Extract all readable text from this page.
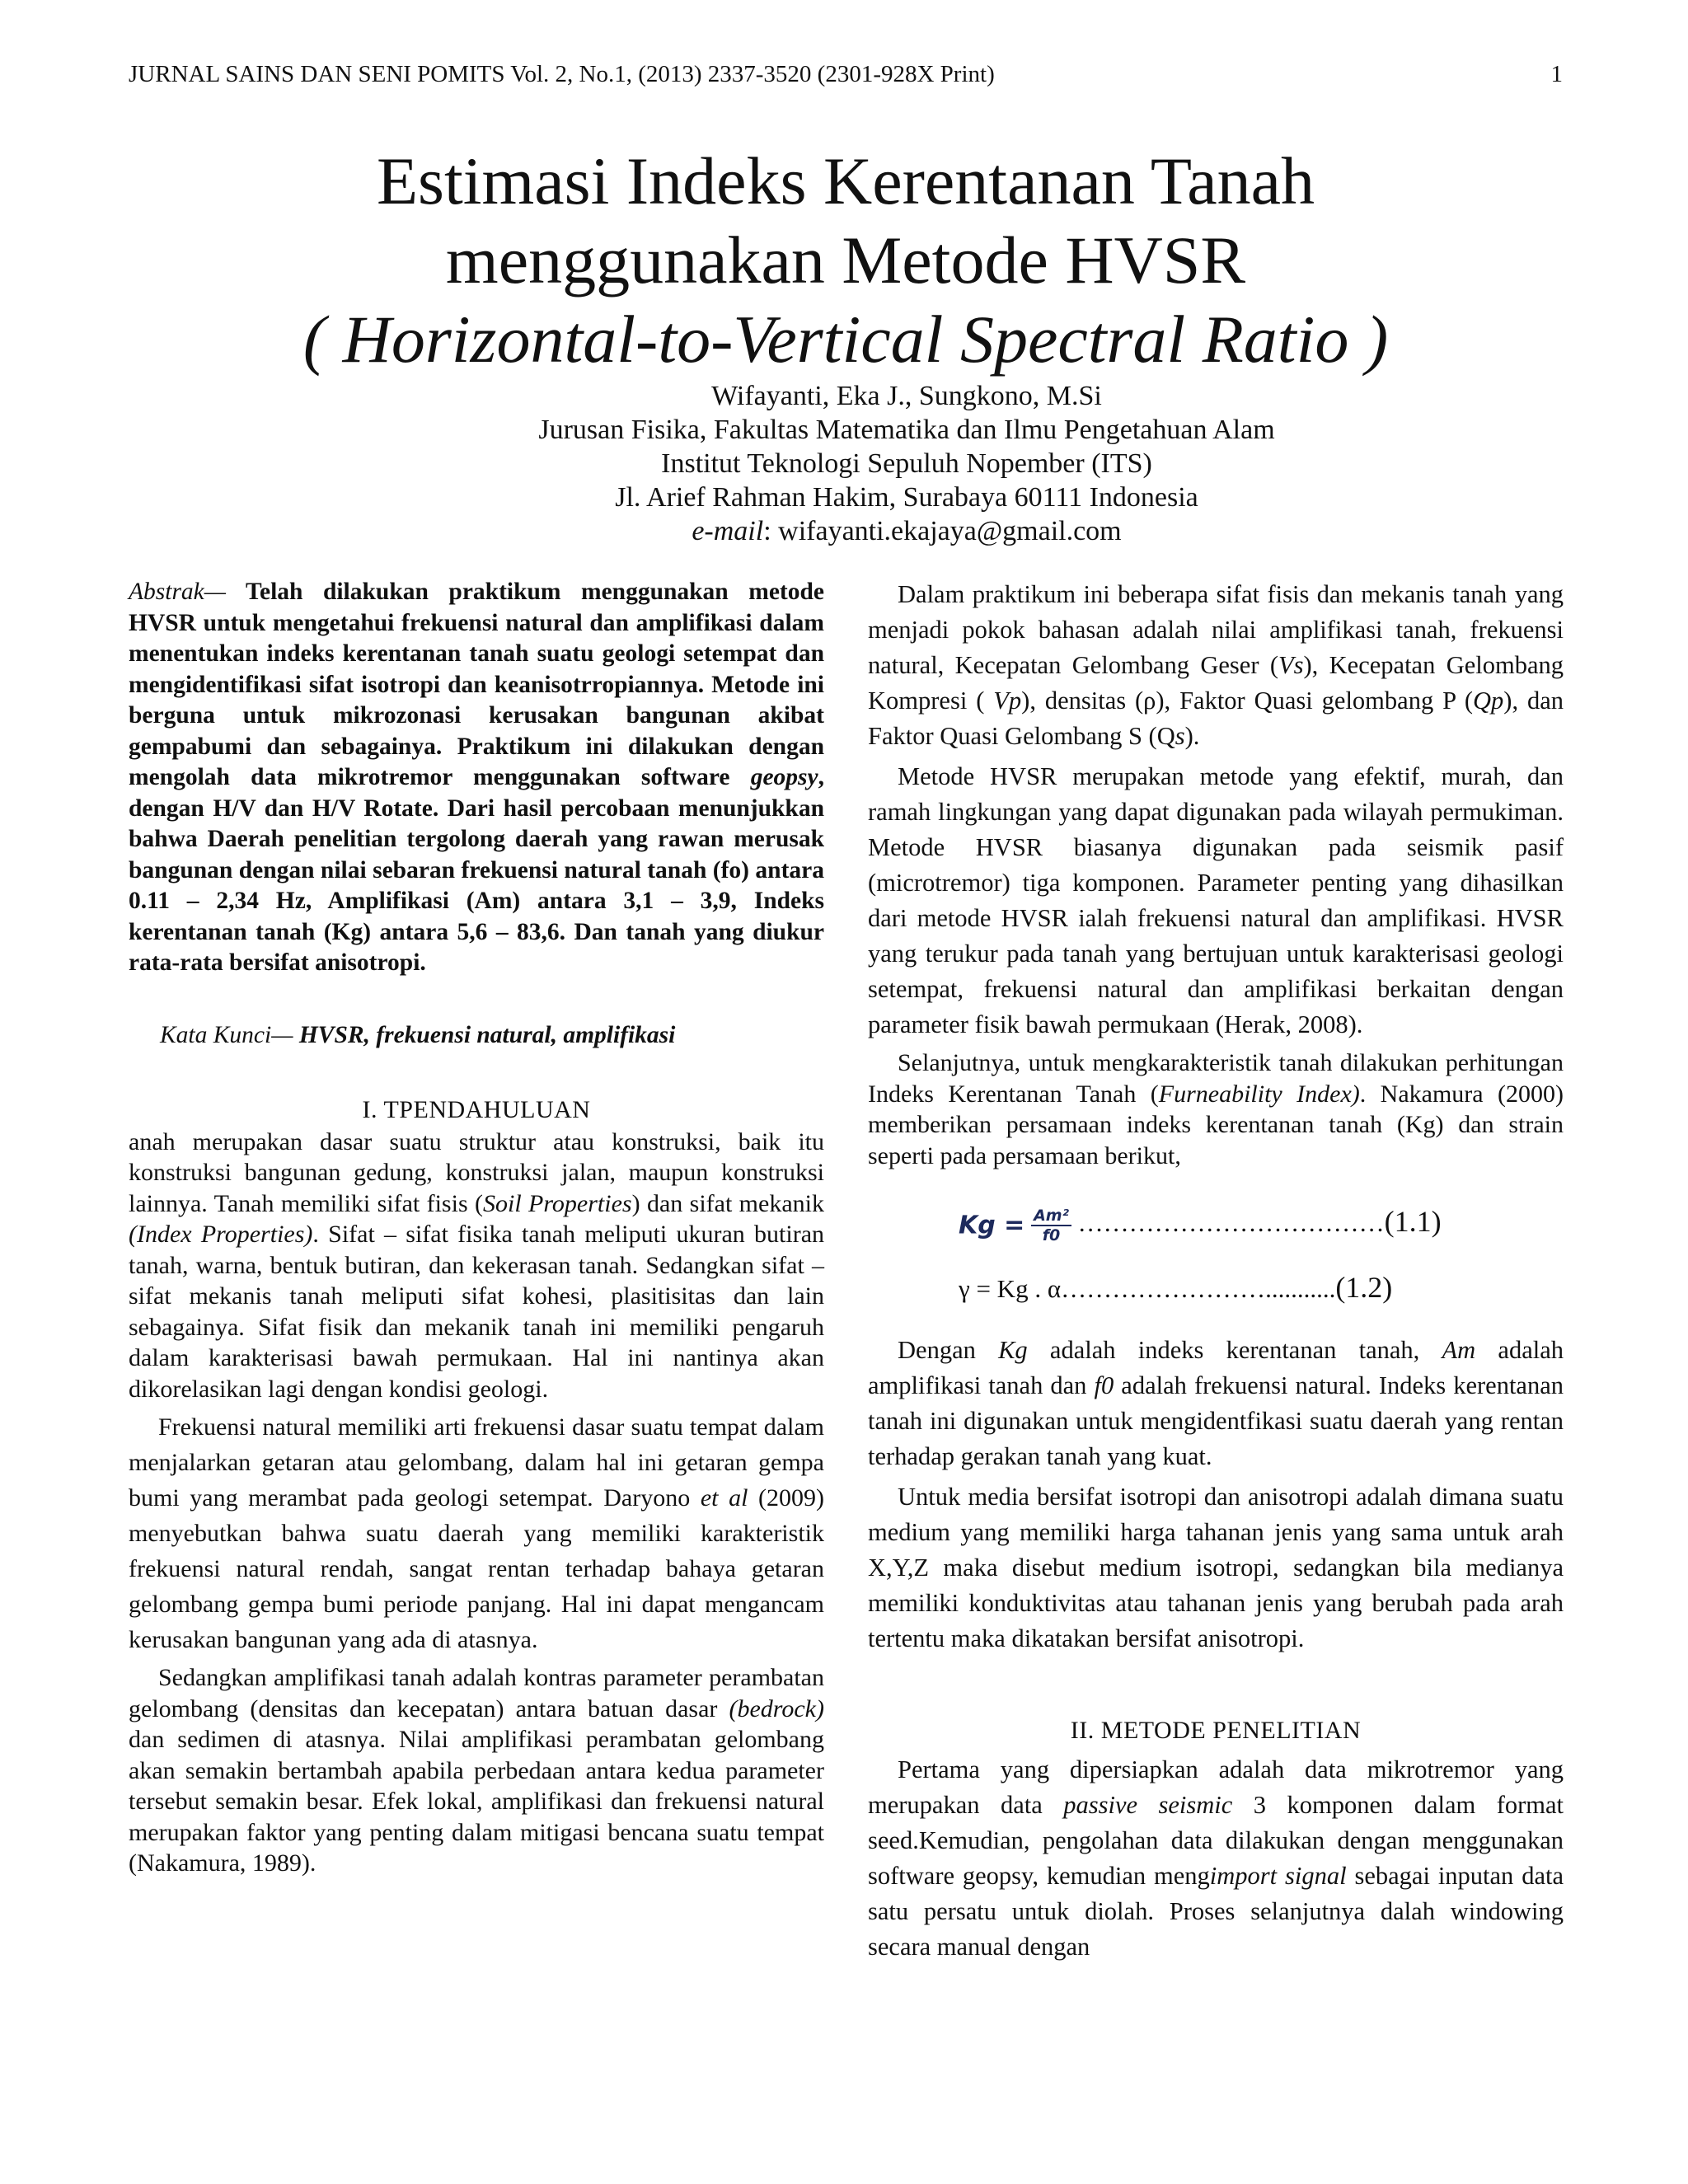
JURNAL SAINS DAN SENI POMITS Vol. 2, No.1, (2013) 2337-3520 (2301-928X Print)	1
Estimasi Indeks Kerentanan Tanah
menggunakan Metode HVSR
( Horizontal-to-Vertical Spectral Ratio )
Wifayanti, Eka J., Sungkono, M.Si
Jurusan Fisika, Fakultas Matematika dan Ilmu Pengetahuan Alam
Institut Teknologi Sepuluh Nopember (ITS)
Jl. Arief Rahman Hakim, Surabaya 60111 Indonesia
e-mail: wifayanti.ekajaya@gmail.com

Abstrak— Telah dilakukan praktikum menggunakan metode HVSR untuk mengetahui frekuensi natural dan amplifikasi dalam menentukan indeks kerentanan tanah suatu geologi setempat dan mengidentifikasi sifat isotropi dan keanisotrropiannya. Metode ini berguna untuk mikrozonasi kerusakan bangunan akibat gempabumi dan sebagainya. Praktikum ini dilakukan dengan mengolah data mikrotremor menggunakan software geopsy, dengan H/V dan H/V Rotate. Dari hasil percobaan menunjukkan bahwa Daerah penelitian tergolong daerah yang rawan merusak bangunan dengan nilai sebaran frekuensi natural tanah (fo) antara 0.11 – 2,34 Hz, Amplifikasi (Am) antara 3,1 – 3,9, Indeks kerentanan tanah (Kg) antara 5,6 – 83,6. Dan tanah yang diukur rata-rata bersifat anisotropi.

Kata Kunci— HVSR, frekuensi natural, amplifikasi

I. TPENDAHULUAN

anah merupakan dasar suatu struktur atau konstruksi, baik itu konstruksi bangunan gedung, konstruksi jalan, maupun konstruksi lainnya. Tanah memiliki sifat fisis (Soil Properties) dan sifat mekanik (Index Properties). Sifat – sifat fisika tanah meliputi ukuran butiran tanah, warna, bentuk butiran, dan kekerasan tanah. Sedangkan sifat – sifat mekanis tanah meliputi sifat kohesi, plasitisitas dan lain sebagainya. Sifat fisik dan mekanik tanah ini memiliki pengaruh dalam karakterisasi bawah permukaan. Hal ini nantinya akan dikorelasikan lagi dengan kondisi geologi.

Frekuensi natural memiliki arti frekuensi dasar suatu tempat dalam menjalarkan getaran atau gelombang, dalam hal ini getaran gempa bumi yang merambat pada geologi setempat. Daryono et al (2009) menyebutkan bahwa suatu daerah yang memiliki karakteristik frekuensi natural rendah, sangat rentan terhadap bahaya getaran gelombang gempa bumi periode panjang. Hal ini dapat mengancam kerusakan bangunan yang ada di atasnya.

Sedangkan amplifikasi tanah adalah kontras parameter perambatan gelombang (densitas dan kecepatan) antara batuan dasar (bedrock) dan sedimen di atasnya. Nilai amplifikasi perambatan gelombang akan semakin bertambah apabila perbedaan antara kedua parameter tersebut semakin besar. Efek lokal, amplifikasi dan frekuensi natural merupakan faktor yang penting dalam mitigasi bencana suatu tempat (Nakamura, 1989).

Dalam praktikum ini beberapa sifat fisis dan mekanis tanah yang menjadi pokok bahasan adalah nilai amplifikasi tanah, frekuensi natural, Kecepatan Gelombang Geser (Vs), Kecepatan Gelombang Kompresi ( Vp), densitas (ρ), Faktor Quasi gelombang P (Qp), dan Faktor Quasi Gelombang S (Qs).

Metode HVSR merupakan metode yang efektif, murah, dan ramah lingkungan yang dapat digunakan pada wilayah permukiman. Metode HVSR biasanya digunakan pada seismik pasif (microtremor) tiga komponen. Parameter penting yang dihasilkan dari metode HVSR ialah frekuensi natural dan amplifikasi. HVSR yang terukur pada tanah yang bertujuan untuk karakterisasi geologi setempat, frekuensi natural dan amplifikasi berkaitan dengan parameter fisik bawah permukaan (Herak, 2008).

Selanjutnya, untuk mengkarakteristik tanah dilakukan perhitungan Indeks Kerentanan Tanah (Furneability Index). Nakamura (2000) memberikan persamaan indeks kerentanan tanah (Kg) dan strain seperti pada persamaan berikut,

$Kg = \frac{\text{Am²}}{f0}$ ………………………………(1.1)
γ = Kg . α……………………...........(1.2)

Dengan Kg adalah indeks kerentanan tanah, Am adalah amplifikasi tanah dan f0 adalah frekuensi natural. Indeks kerentanan tanah ini digunakan untuk mengidentfikasi suatu daerah yang rentan terhadap gerakan tanah yang kuat.

Untuk media bersifat isotropi dan anisotropi adalah dimana suatu medium yang memiliki harga tahanan jenis yang sama untuk arah X,Y,Z maka disebut medium isotropi, sedangkan bila medianya memiliki konduktivitas atau tahanan jenis yang berubah pada arah tertentu maka dikatakan bersifat anisotropi.

II. METODE PENELITIAN

Pertama yang dipersiapkan adalah data mikrotremor yang merupakan data passive seismic 3 komponen dalam format seed.Kemudian, pengolahan data dilakukan dengan menggunakan software geopsy, kemudian mengimport signal sebagai inputan data satu persatu untuk diolah. Proses selanjutnya dalah windowing secara manual dengan
